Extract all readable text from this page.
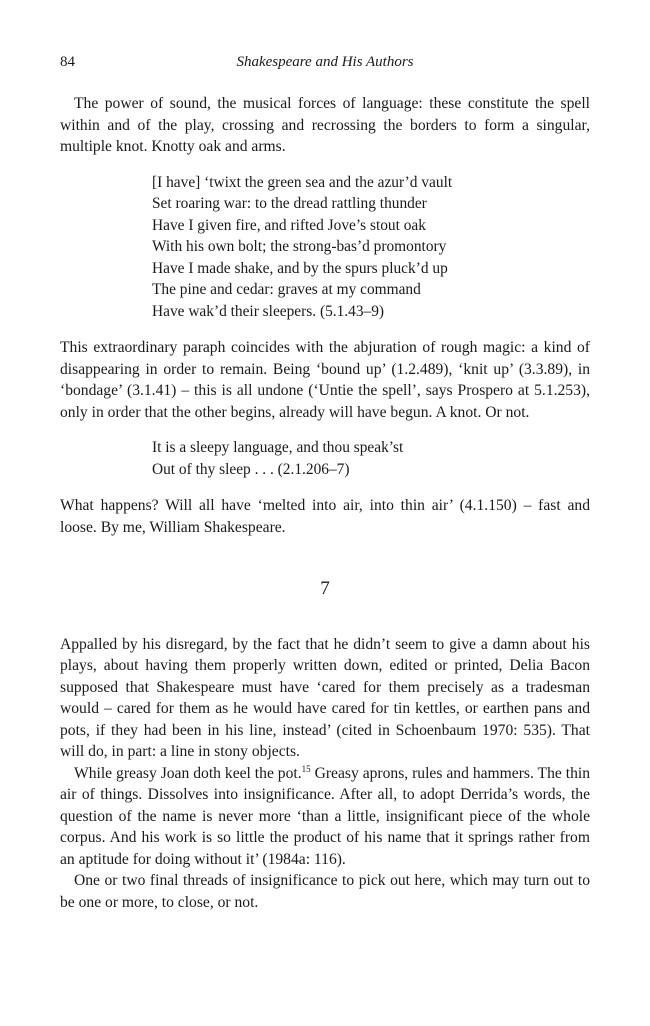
84	Shakespeare and His Authors

The power of sound, the musical forces of language: these constitute the spell within and of the play, crossing and recrossing the borders to form a singular, multiple knot. Knotty oak and arms.

[I have] ‘twixt the green sea and the azur’d vault
Set roaring war: to the dread rattling thunder
Have I given fire, and rifted Jove’s stout oak
With his own bolt; the strong-bas’d promontory
Have I made shake, and by the spurs pluck’d up
The pine and cedar: graves at my command
Have wak’d their sleepers. (5.1.43–9)

This extraordinary paraph coincides with the abjuration of rough magic: a kind of disappearing in order to remain. Being ‘bound up’ (1.2.489), ‘knit up’ (3.3.89), in ‘bondage’ (3.1.41) – this is all undone (‘Untie the spell’, says Prospero at 5.1.253), only in order that the other begins, already will have begun. A knot. Or not.

It is a sleepy language, and thou speak’st
Out of thy sleep . . . (2.1.206–7)

What happens? Will all have ‘melted into air, into thin air’ (4.1.150) – fast and loose. By me, William Shakespeare.

7

Appalled by his disregard, by the fact that he didn’t seem to give a damn about his plays, about having them properly written down, edited or printed, Delia Bacon supposed that Shakespeare must have ‘cared for them precisely as a tradesman would – cared for them as he would have cared for tin kettles, or earthen pans and pots, if they had been in his line, instead’ (cited in Schoenbaum 1970: 535). That will do, in part: a line in stony objects.

While greasy Joan doth keel the pot.$^{15}$ Greasy aprons, rules and hammers. The thin air of things. Dissolves into insignificance. After all, to adopt Derrida’s words, the question of the name is never more ‘than a little, insignificant piece of the whole corpus. And his work is so little the product of his name that it springs rather from an aptitude for doing without it’ (1984a: 116).

One or two final threads of insignificance to pick out here, which may turn out to be one or more, to close, or not.
